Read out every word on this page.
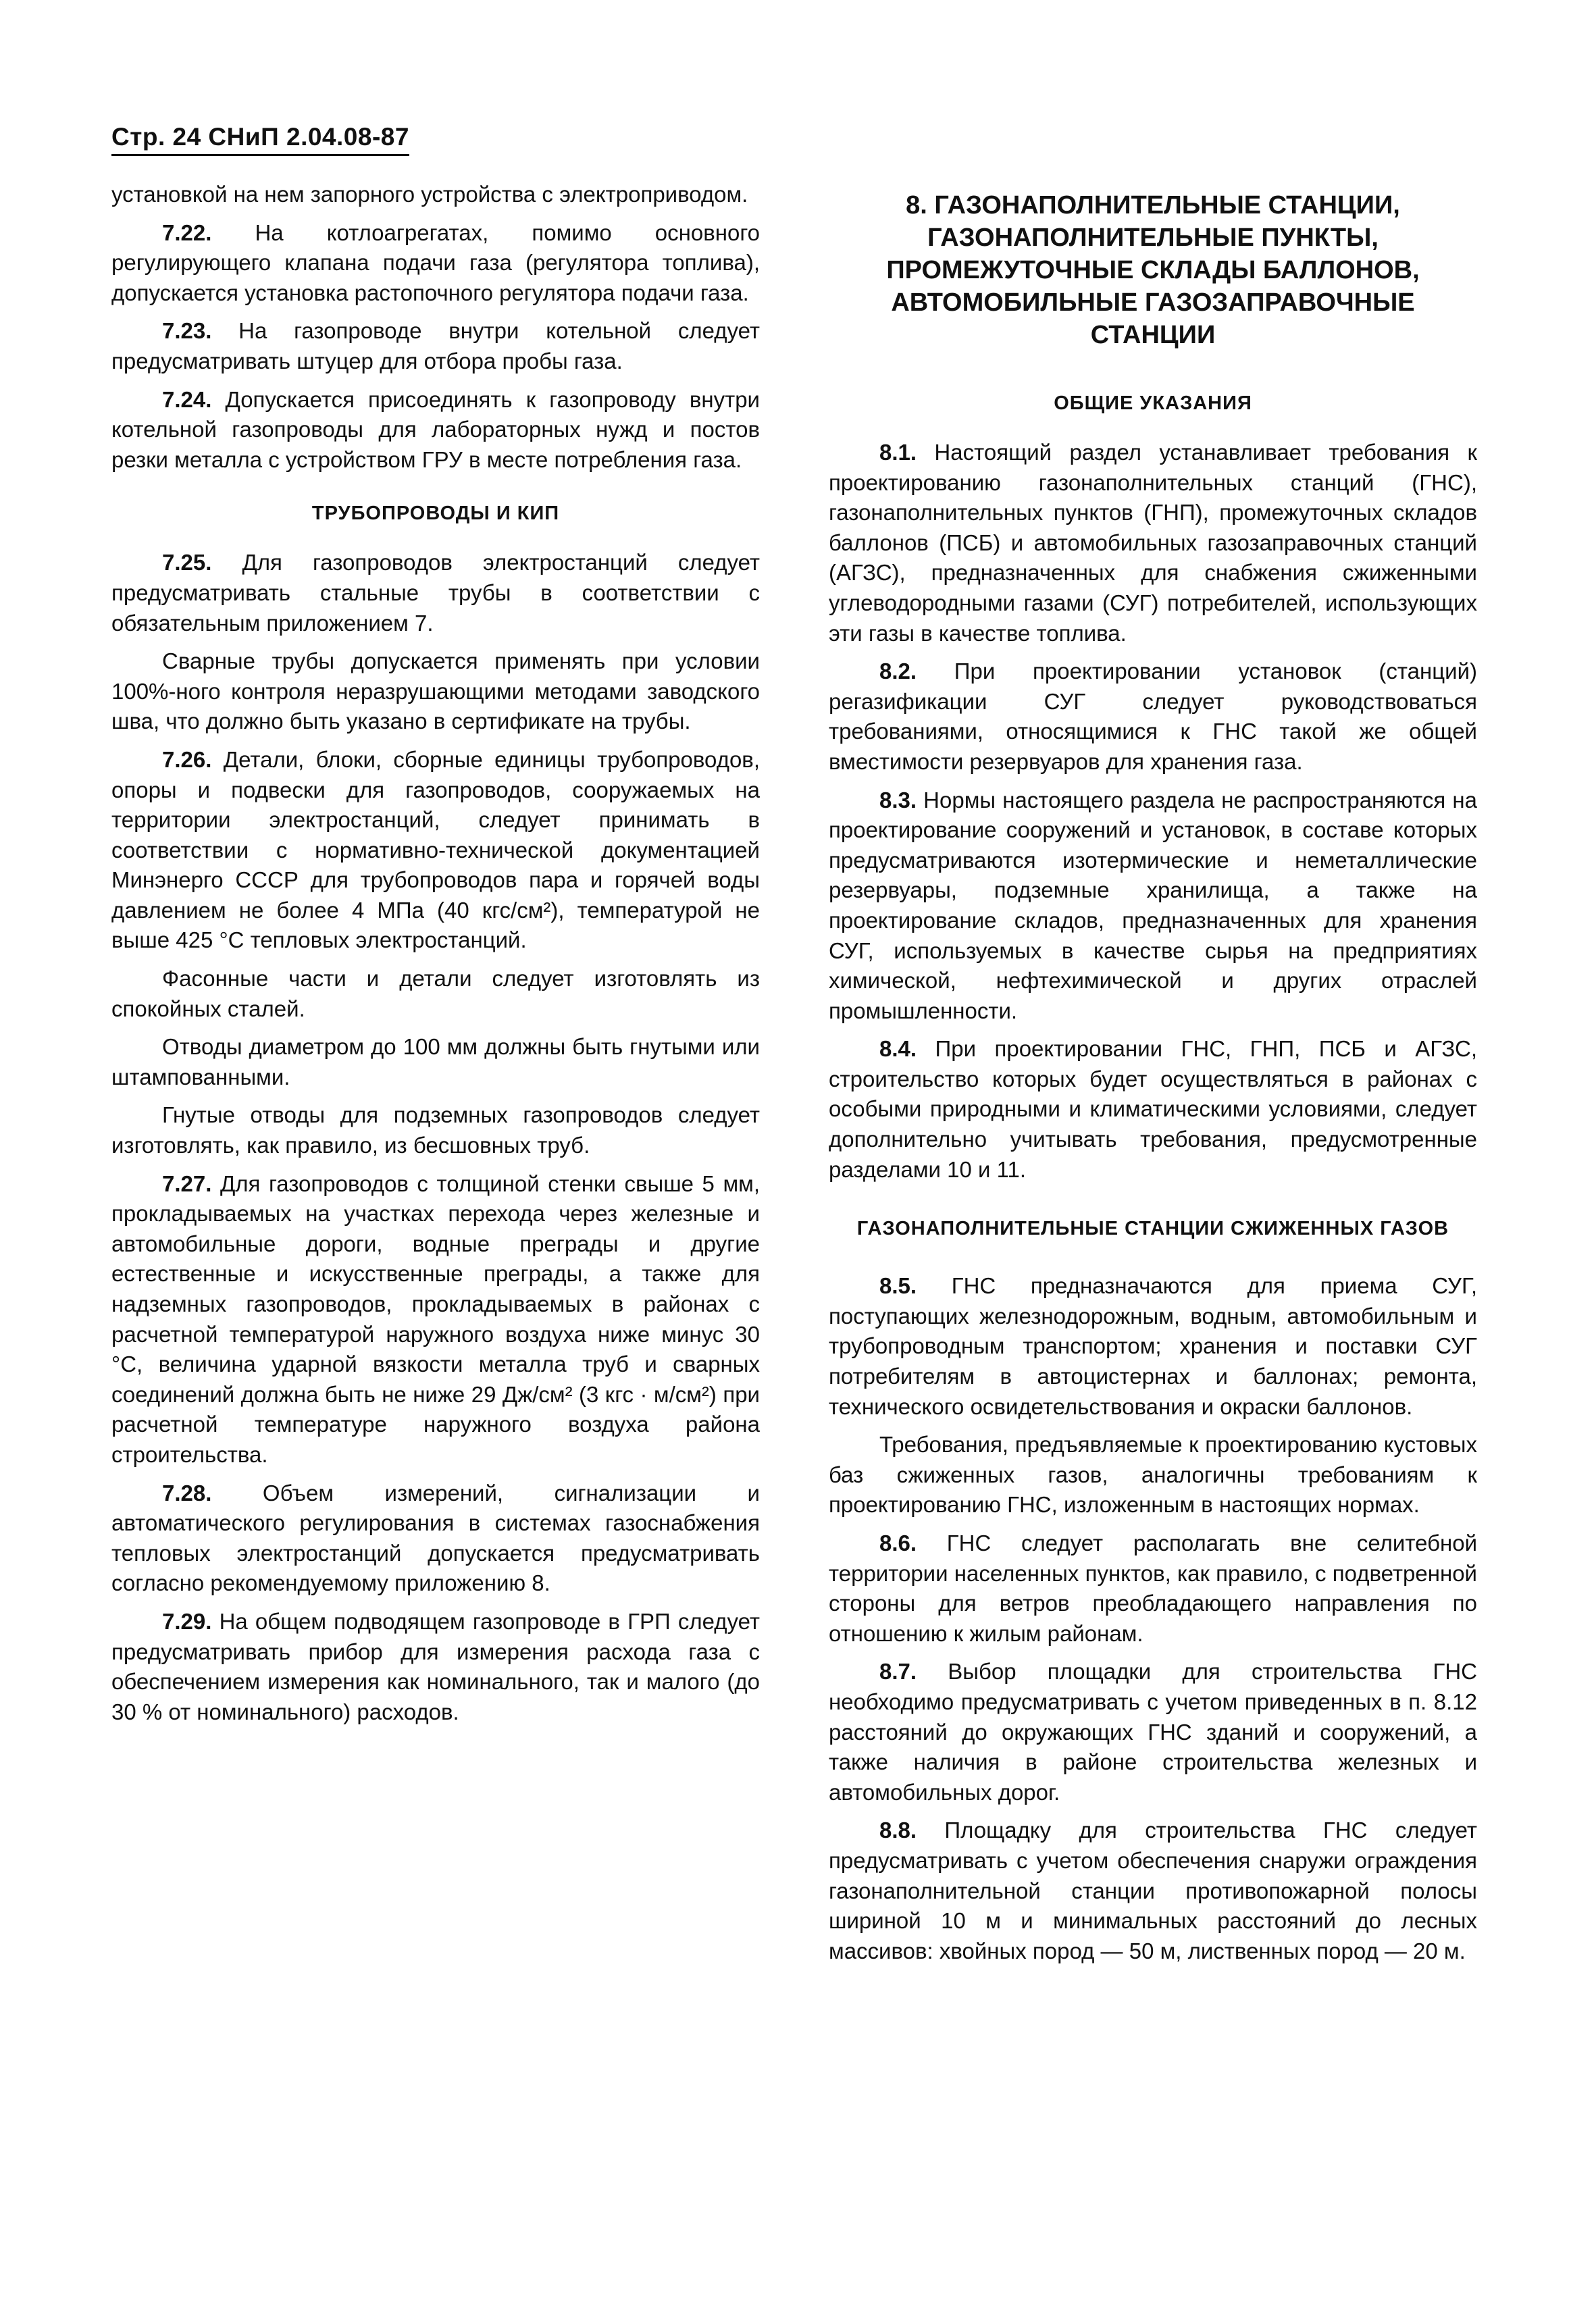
Стр. 24 СНиП 2.04.08-87

установкой на нем запорного устройства с электроприводом.

7.22. На котлоагрегатах, помимо основного регулирующего клапана подачи газа (регулятора топлива), допускается установка растопочного регулятора подачи газа.

7.23. На газопроводе внутри котельной следует предусматривать штуцер для отбора пробы газа.

7.24. Допускается присоединять к газопроводу внутри котельной газопроводы для лабораторных нужд и постов резки металла с устройством ГРУ в месте потребления газа.

ТРУБОПРОВОДЫ И КИП

7.25. Для газопроводов электростанций следует предусматривать стальные трубы в соответствии с обязательным приложением 7.

Сварные трубы допускается применять при условии 100%-ного контроля неразрушающими методами заводского шва, что должно быть указано в сертификате на трубы.

7.26. Детали, блоки, сборные единицы трубопроводов, опоры и подвески для газопроводов, сооружаемых на территории электростанций, следует принимать в соответствии с нормативно-технической документацией Минэнерго СССР для трубопроводов пара и горячей воды давлением не более 4 МПа (40 кгс/см²), температурой не выше 425 °С тепловых электростанций.

Фасонные части и детали следует изготовлять из спокойных сталей.

Отводы диаметром до 100 мм должны быть гнутыми или штампованными.

Гнутые отводы для подземных газопроводов следует изготовлять, как правило, из бесшовных труб.

7.27. Для газопроводов с толщиной стенки свыше 5 мм, прокладываемых на участках перехода через железные и автомобильные дороги, водные преграды и другие естественные и искусственные преграды, а также для надземных газопроводов, прокладываемых в районах с расчетной температурой наружного воздуха ниже минус 30 °С, величина ударной вязкости металла труб и сварных соединений должна быть не ниже 29 Дж/см² (3 кгс · м/см²) при расчетной температуре наружного воздуха района строительства.

7.28. Объем измерений, сигнализации и автоматического регулирования в системах газоснабжения тепловых электростанций допускается предусматривать согласно рекомендуемому приложению 8.

7.29. На общем подводящем газопроводе в ГРП следует предусматривать прибор для измерения расхода газа с обеспечением измерения как номинального, так и малого (до 30 % от номинального) расходов.

8. ГАЗОНАПОЛНИТЕЛЬНЫЕ СТАНЦИИ, ГАЗОНАПОЛНИТЕЛЬНЫЕ ПУНКТЫ, ПРОМЕЖУТОЧНЫЕ СКЛАДЫ БАЛЛОНОВ, АВТОМОБИЛЬНЫЕ ГАЗОЗАПРАВОЧНЫЕ СТАНЦИИ
ОБЩИЕ УКАЗАНИЯ

8.1. Настоящий раздел устанавливает требования к проектированию газонаполнительных станций (ГНС), газонаполнительных пунктов (ГНП), промежуточных складов баллонов (ПСБ) и автомобильных газозаправочных станций (АГЗС), предназначенных для снабжения сжиженными углеводородными газами (СУГ) потребителей, использующих эти газы в качестве топлива.

8.2. При проектировании установок (станций) регазификации СУГ следует руководствоваться требованиями, относящимися к ГНС такой же общей вместимости резервуаров для хранения газа.

8.3. Нормы настоящего раздела не распространяются на проектирование сооружений и установок, в составе которых предусматриваются изотермические и неметаллические резервуары, подземные хранилища, а также на проектирование складов, предназначенных для хранения СУГ, используемых в качестве сырья на предприятиях химической, нефтехимической и других отраслей промышленности.

8.4. При проектировании ГНС, ГНП, ПСБ и АГЗС, строительство которых будет осуществляться в районах с особыми природными и климатическими условиями, следует дополнительно учитывать требования, предусмотренные разделами 10 и 11.

ГАЗОНАПОЛНИТЕЛЬНЫЕ СТАНЦИИ СЖИЖЕННЫХ ГАЗОВ

8.5. ГНС предназначаются для приема СУГ, поступающих железнодорожным, водным, автомобильным и трубопроводным транспортом; хранения и поставки СУГ потребителям в автоцистернах и баллонах; ремонта, технического освидетельствования и окраски баллонов.

Требования, предъявляемые к проектированию кустовых баз сжиженных газов, аналогичны требованиям к проектированию ГНС, изложенным в настоящих нормах.

8.6. ГНС следует располагать вне селитебной территории населенных пунктов, как правило, с подветренной стороны для ветров преобладающего направления по отношению к жилым районам.

8.7. Выбор площадки для строительства ГНС необходимо предусматривать с учетом приведенных в п. 8.12 расстояний до окружающих ГНС зданий и сооружений, а также наличия в районе строительства железных и автомобильных дорог.

8.8. Площадку для строительства ГНС следует предусматривать с учетом обеспечения снаружи ограждения газонаполнительной станции противопожарной полосы шириной 10 м и минимальных расстояний до лесных массивов: хвойных пород — 50 м, лиственных пород — 20 м.
